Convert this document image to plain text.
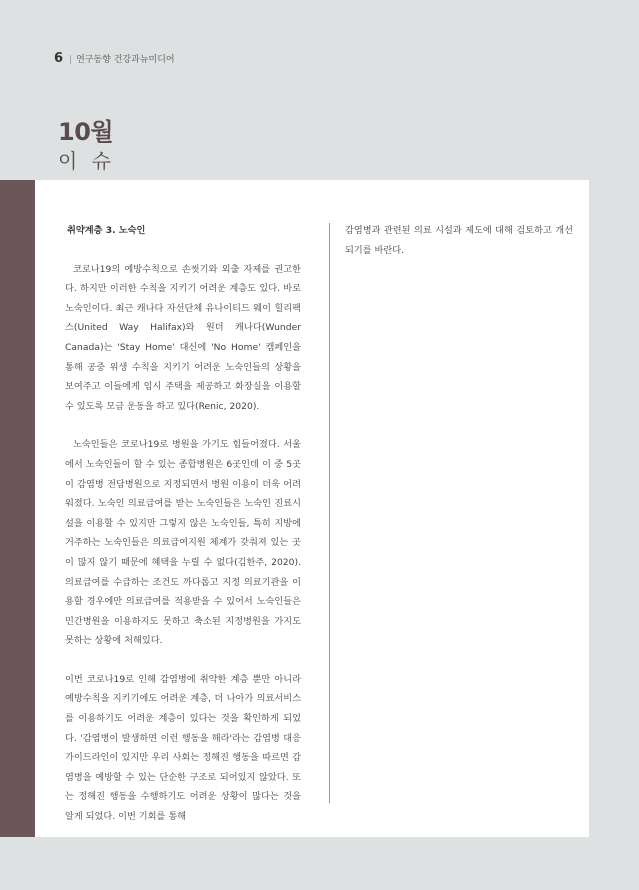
6 | 연구동향 건강과뉴미디어
10월
이 슈

취약계층 3. 노숙인

코로나19의 예방수칙으로 손씻기와 외출 자제를 권고한다. 하지만 이러한 수칙을 지키기 어려운 계층도 있다. 바로 노숙인이다. 최근 캐나다 자선단체 유나이티드 웨이 힐리팩스(United Way Halifax)와 원더 캐나다(Wunder Canada)는 'Stay Home' 대신에 'No Home' 캠페인을 통해 공중 위생 수칙을 지키기 어려운 노숙인들의 상황을 보여주고 이들에게 임시 주택을 제공하고 화장실을 이용할 수 있도록 모금 운동을 하고 있다(Renic, 2020).

노숙인들은 코로나19로 병원을 가기도 힘들어졌다. 서울에서 노숙인들이 할 수 있는 종합병원은 6곳인데 이 중 5곳이 감염병 전담병원으로 지정되면서 병원 이용이 더욱 어려워졌다. 노숙인 의료급여를 받는 노숙인들은 노숙인 진료시설을 이용할 수 있지만 그렇지 않은 노숙인들, 특히 지방에 거주하는 노숙인들은 의료급여지원 체계가 갖춰져 있는 곳이 많지 않기 때문에 혜택을 누릴 수 없다(김한주, 2020). 의료급여를 수급하는 조건도 까다롭고 지정 의료기관을 이용할 경우에만 의료급여를 적용받을 수 있어서 노숙인들은 민간병원을 이용하지도 못하고 축소된 지정병원을 가지도 못하는 상황에 처해있다.

이번 코로나19로 인해 감염병에 취약한 계층 뿐만 아니라 예방수칙을 지키기에도 어려운 계층, 더 나아가 의료서비스를 이용하기도 어려운 계층이 있다는 것을 확인하게 되었다. '감염병이 발생하면 이런 행동을 해라'라는 감염병 대응 가이드라인이 있지만 우리 사회는 정해진 행동을 따르면 감염병을 예방할 수 있는 단순한 구조로 되어있지 않았다. 또는 정해진 행동을 수행하기도 어려운 상황이 많다는 것을 알게 되었다. 이번 기회를 통해

감염병과 관련된 의료 시설과 제도에 대해 검토하고 개선되기를 바란다.
